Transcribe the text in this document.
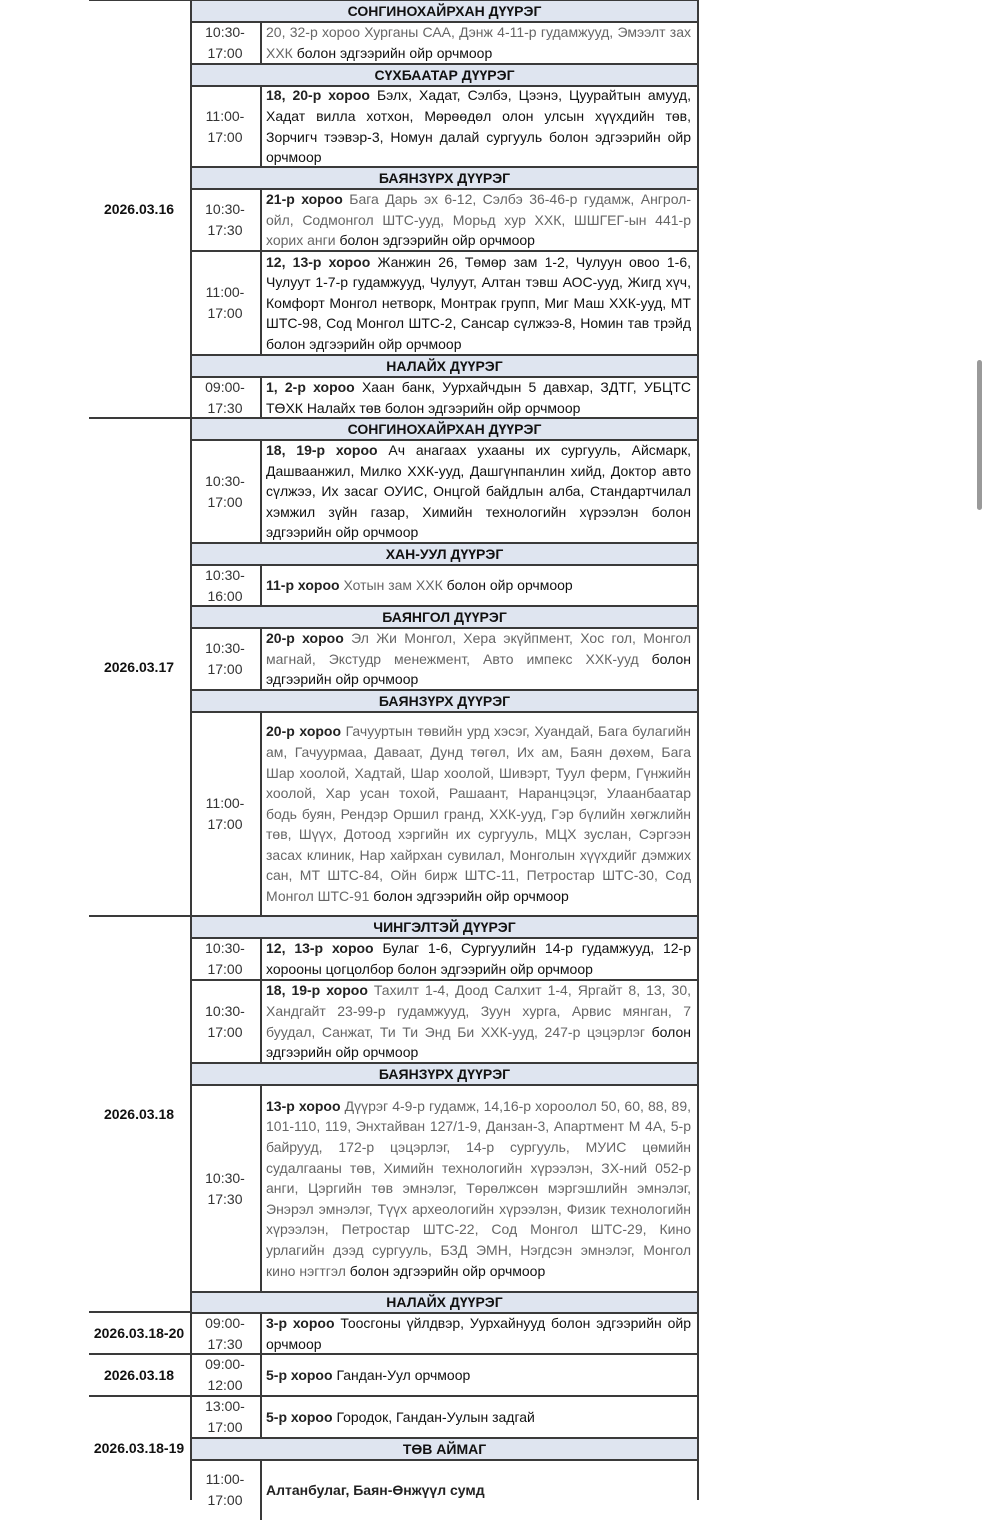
СОНГИНОХАЙРХАН ДҮҮРЭГ
10:30-17:00

20, 32-р хороо Хурганы САА, Дэнж 4-11-р гудамжууд, Эмээлт зах ХХК болон эдгээрийн ойр орчмоор

СҮХБААТАР ДҮҮРЭГ
11:00-17:00

18, 20-р хороо Бэлх, Хадат, Сэлбэ, Цээнэ, Цуурайтын амууд, Хадат вилла хотхон, Мөрөөдөл олон улсын хүүхдийн төв, Зорчигч тээвэр-3, Номун далай сургууль болон эдгээрийн ойр орчмоор

БАЯНЗҮРХ ДҮҮРЭГ
10:30-17:30

21-р хороо Бага Дарь эх 6-12, Сэлбэ 36-46-р гудамж, Ангрол-ойл, Содмонгол ШТС-ууд, Морьд хур ХХК, ШШГЕГ-ын 441-р хорих анги болон эдгээрийн ойр орчмоор

11:00-17:00

12, 13-р хороо Жанжин 26, Төмөр зам 1-2, Чулуун овоо 1-6, Чулуут 1-7-р гудамжууд, Чулуут, Алтан тэвш АОС-ууд, Жигд хүч, Комфорт Монгол нетворк, Монтрак групп, Миг Маш ХХК-ууд, МТ ШТС-98, Сод Монгол ШТС-2, Сансар сүлжээ-8, Номин тав трэйд болон эдгээрийн ойр орчмоор

НАЛАЙХ ДҮҮРЭГ
09:00-17:30

1, 2-р хороо Хаан банк, Уурхайчдын 5 давхар, ЗДТГ, УБЦТС ТӨХК Налайх төв болон эдгээрийн ойр орчмоор

СОНГИНОХАЙРХАН ДҮҮРЭГ
10:30-17:00

18, 19-р хороо Ач анагаах ухааны их сургууль, Айсмарк, Дашваанжил, Милко ХХК-ууд, Дашгүнпанлин хийд, Доктор авто сүлжээ, Их засаг ОУИС, Онцгой байдлын алба, Стандартчилал хэмжил зүйн газар, Химийн технологийн хүрээлэн болон эдгээрийн ойр орчмоор

ХАН-УУЛ ДҮҮРЭГ
10:30-16:00

11-р хороо Хотын зам ХХК болон ойр орчмоор

БАЯНГОЛ ДҮҮРЭГ
10:30-17:00

20-р хороо Эл Жи Монгол, Хера экүйпмент, Хос гол, Монгол магнай, Экстудр менежмент, Авто импекс ХХК-ууд болон эдгээрийн ойр орчмоор

БАЯНЗҮРХ ДҮҮРЭГ
11:00-17:00

20-р хороо Гачууртын төвийн урд хэсэг, Хуандай, Бага булагийн ам, Гачуурмаа, Даваат, Дунд төгөл, Их ам, Баян дөхөм, Бага Шар хоолой, Хадтай, Шар хоолой, Шивэрт, Туул ферм, Гүнжийн хоолой, Хар усан тохой, Рашаант, Наранцэцэг, Улаанбаатар бодь буян, Рендэр Оршил гранд, ХХК-ууд, Гэр бүлийн хөгжлийн төв, Шүүх, Дотоод хэргийн их сургууль, МЦХ зуслан, Сэргээн засах клиник, Нар хайрхан сувилал, Монголын хүүхдийг дэмжих сан, МТ ШТС-84, Ойн бирж ШТС-11, Петростар ШТС-30, Сод Монгол ШТС-91 болон эдгээрийн ойр орчмоор

ЧИНГЭЛТЭЙ ДҮҮРЭГ
10:30-17:00

12, 13-р хороо Булаг 1-6, Сургуулийн 14-р гудамжууд, 12-р хорооны цогцолбор болон эдгээрийн ойр орчмоор

10:30-17:00

18, 19-р хороо Тахилт 1-4, Доод Салхит 1-4, Яргайт 8, 13, 30, Хандгайт 23-99-р гудамжууд, Зуун хурга, Арвис мянган, 7 буудал, Санжат, Ти Ти Энд Би ХХК-ууд, 247-р цэцэрлэг болон эдгээрийн ойр орчмоор

БАЯНЗҮРХ ДҮҮРЭГ
10:30-17:30

13-р хороо Дүүрэг 4-9-р гудамж, 14,16-р хороолол 50, 60, 88, 89, 101-110, 119, Энхтайван 127/1-9, Данзан-3, Апартмент М 4А, 5-р байрууд, 172-р цэцэрлэг, 14-р сургууль, МУИС цөмийн судалгааны төв, Химийн технологийн хүрээлэн, ЗХ-ний 052-р анги, Цэргийн төв эмнэлэг, Төрөлжсөн мэргэшлийн эмнэлэг, Энэрэл эмнэлэг, Түүх археологийн хүрээлэн, Физик технологийн хүрээлэн, Петростар ШТС-22, Сод Монгол ШТС-29, Кино урлагийн дээд сургууль, БЗД ЭМН, Нэгдсэн эмнэлэг, Монгол кино нэгтгэл болон эдгээрийн ойр орчмоор

НАЛАЙХ ДҮҮРЭГ
09:00-17:30

3-р хороо Тоосгоны үйлдвэр, Уурхайнууд болон эдгээрийн ойр орчмоор

09:00-12:00

5-р хороо Гандан-Уул орчмоор

13:00-17:00

5-р хороо Городок, Гандан-Уулын задгай

ТӨВ АЙМАГ
11:00-17:00

Алтанбулаг, Баян-Өнжүүл сумд

2026.03.16
2026.03.17
2026.03.18
2026.03.18-20
2026.03.18
2026.03.18-19
